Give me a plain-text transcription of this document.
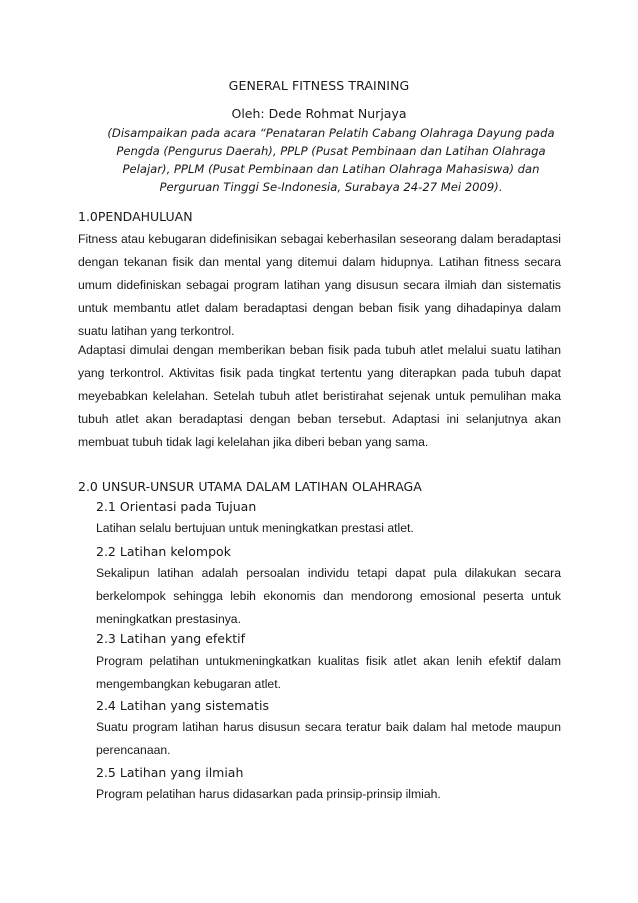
GENERAL FITNESS TRAINING
Oleh: Dede Rohmat Nurjaya
(Disampaikan pada acara “Penataran Pelatih Cabang Olahraga Dayung pada Pengda (Pengurus Daerah), PPLP (Pusat Pembinaan dan Latihan Olahraga Pelajar), PPLM (Pusat Pembinaan dan Latihan Olahraga Mahasiswa) dan Perguruan Tinggi Se-Indonesia, Surabaya 24-27 Mei 2009).
1.0PENDAHULUAN
Fitness atau kebugaran didefinisikan sebagai keberhasilan seseorang dalam beradaptasi dengan tekanan fisik dan mental yang ditemui dalam hidupnya. Latihan fitness secara umum didefiniskan sebagai program latihan yang disusun secara ilmiah dan sistematis untuk membantu atlet dalam beradaptasi dengan beban fisik yang dihadapinya dalam suatu latihan yang terkontrol.
Adaptasi dimulai dengan memberikan beban fisik pada tubuh atlet melalui suatu latihan yang terkontrol. Aktivitas fisik pada tingkat tertentu yang diterapkan pada tubuh dapat meyebabkan kelelahan. Setelah tubuh atlet beristirahat sejenak untuk pemulihan maka tubuh atlet akan beradaptasi dengan beban tersebut. Adaptasi ini selanjutnya akan membuat tubuh tidak lagi kelelahan jika diberi beban yang sama.
2.0 UNSUR-UNSUR UTAMA DALAM LATIHAN OLAHRAGA
2.1 Orientasi pada Tujuan
Latihan selalu bertujuan untuk meningkatkan prestasi atlet.
2.2 Latihan kelompok
Sekalipun latihan adalah persoalan individu tetapi dapat pula dilakukan secara berkelompok sehingga lebih ekonomis dan mendorong emosional peserta untuk meningkatkan prestasinya.
2.3 Latihan yang efektif
Program pelatihan untukmeningkatkan kualitas fisik atlet akan lenih efektif dalam mengembangkan kebugaran atlet.
2.4 Latihan yang sistematis
Suatu program latihan harus disusun secara teratur baik dalam hal metode maupun perencanaan.
2.5 Latihan yang ilmiah
Program pelatihan harus didasarkan pada prinsip-prinsip ilmiah.
